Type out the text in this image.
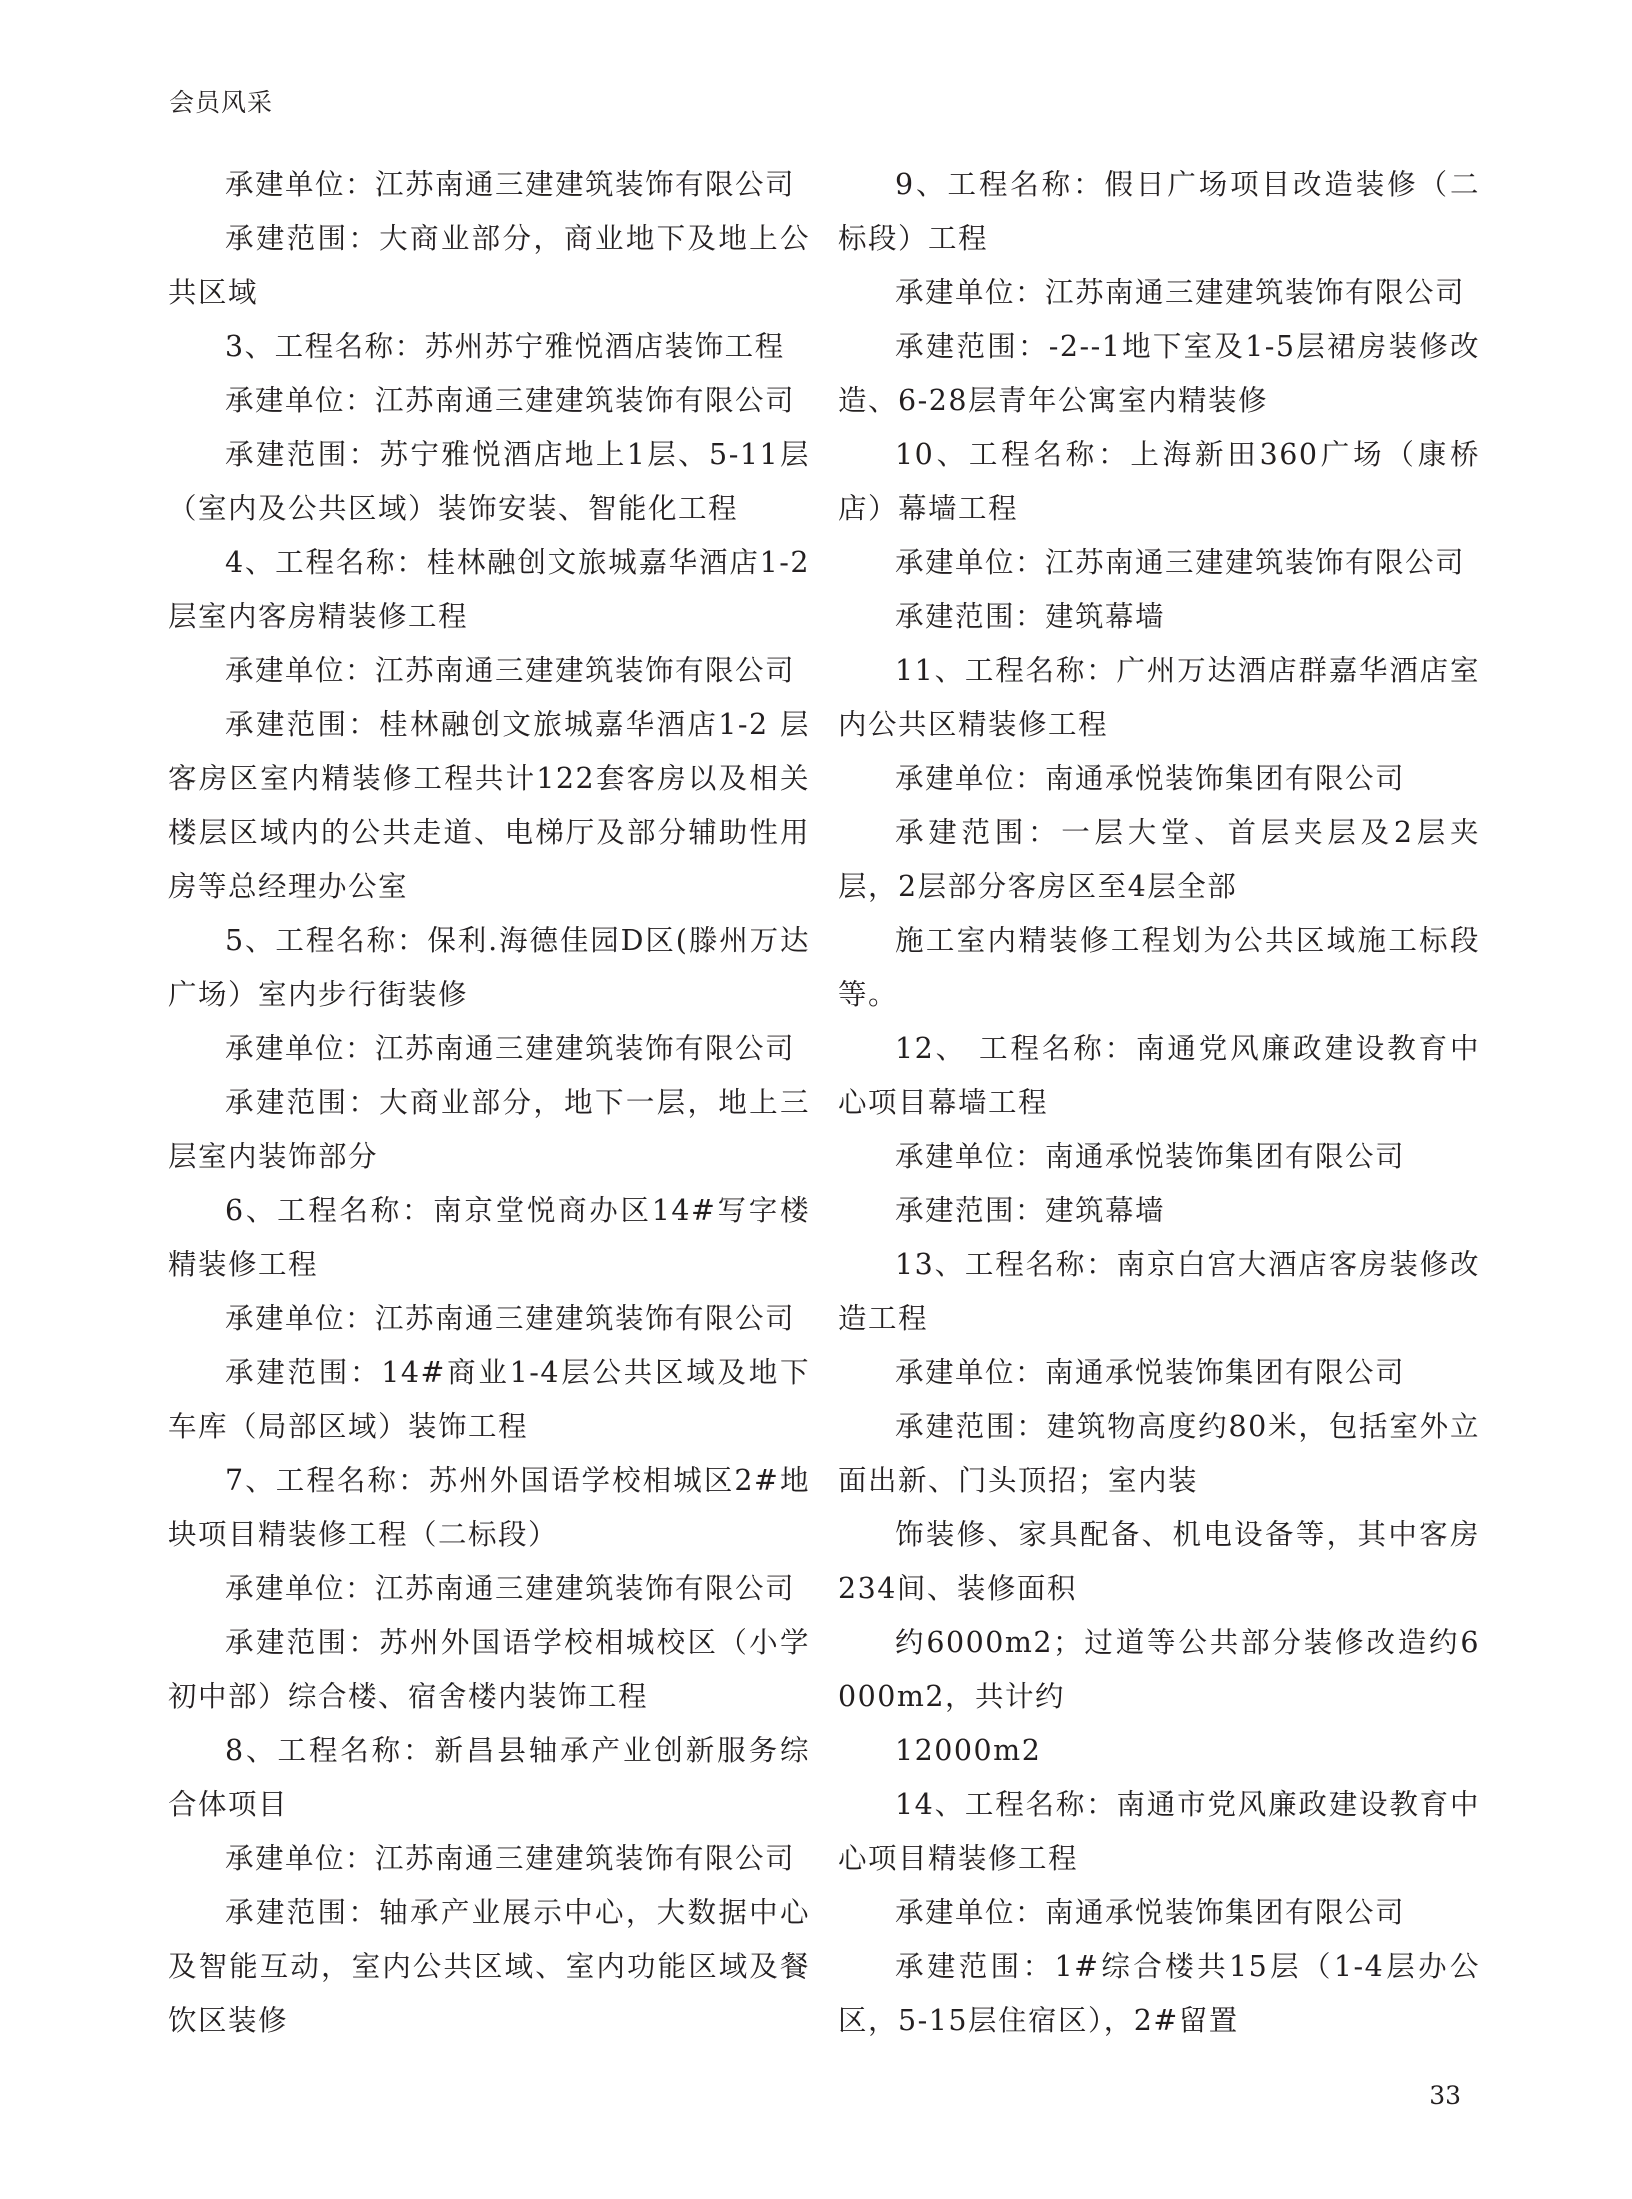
会员风采

承建单位：江苏南通三建建筑装饰有限公司

承建范围：大商业部分，商业地下及地上公共区域

3、工程名称：苏州苏宁雅悦酒店装饰工程

承建单位：江苏南通三建建筑装饰有限公司

承建范围：苏宁雅悦酒店地上1层、5-11层（室内及公共区域）装饰安装、智能化工程

4、工程名称：桂林融创文旅城嘉华酒店1-2层室内客房精装修工程

承建单位：江苏南通三建建筑装饰有限公司

承建范围：桂林融创文旅城嘉华酒店1-2 层客房区室内精装修工程共计122套客房以及相关楼层区域内的公共走道、电梯厅及部分辅助性用房等总经理办公室

5、工程名称：保利.海德佳园D区(滕州万达广场）室内步行街装修

承建单位：江苏南通三建建筑装饰有限公司

承建范围：大商业部分，地下一层，地上三层室内装饰部分

6、工程名称：南京堂悦商办区14#写字楼精装修工程

承建单位：江苏南通三建建筑装饰有限公司

承建范围：14#商业1-4层公共区域及地下车库（局部区域）装饰工程

7、工程名称：苏州外国语学校相城区2#地块项目精装修工程（二标段）

承建单位：江苏南通三建建筑装饰有限公司

承建范围：苏州外国语学校相城校区（小学初中部）综合楼、宿舍楼内装饰工程

8、工程名称：新昌县轴承产业创新服务综合体项目

承建单位：江苏南通三建建筑装饰有限公司

承建范围：轴承产业展示中心，大数据中心及智能互动，室内公共区域、室内功能区域及餐饮区装修

9、工程名称：假日广场项目改造装修（二标段）工程

承建单位：江苏南通三建建筑装饰有限公司

承建范围：-2--1地下室及1-5层裙房装修改造、6-28层青年公寓室内精装修

10、工程名称：上海新田360广场（康桥店）幕墙工程

承建单位：江苏南通三建建筑装饰有限公司

承建范围：建筑幕墙

11、工程名称：广州万达酒店群嘉华酒店室内公共区精装修工程

承建单位：南通承悦装饰集团有限公司

承建范围：一层大堂、首层夹层及2层夹层，2层部分客房区至4层全部

施工室内精装修工程划为公共区域施工标段等。

12、 工程名称：南通党风廉政建设教育中心项目幕墙工程

承建单位：南通承悦装饰集团有限公司

承建范围：建筑幕墙

13、工程名称：南京白宫大酒店客房装修改造工程

承建单位：南通承悦装饰集团有限公司

承建范围：建筑物高度约80米，包括室外立面出新、门头顶招；室内装

饰装修、家具配备、机电设备等，其中客房234间、装修面积

约6000m2；过道等公共部分装修改造约6000m2，共计约

12000m2

14、工程名称：南通市党风廉政建设教育中心项目精装修工程

承建单位：南通承悦装饰集团有限公司

承建范围：1#综合楼共15层（1-4层办公区，5-15层住宿区），2#留置

33
